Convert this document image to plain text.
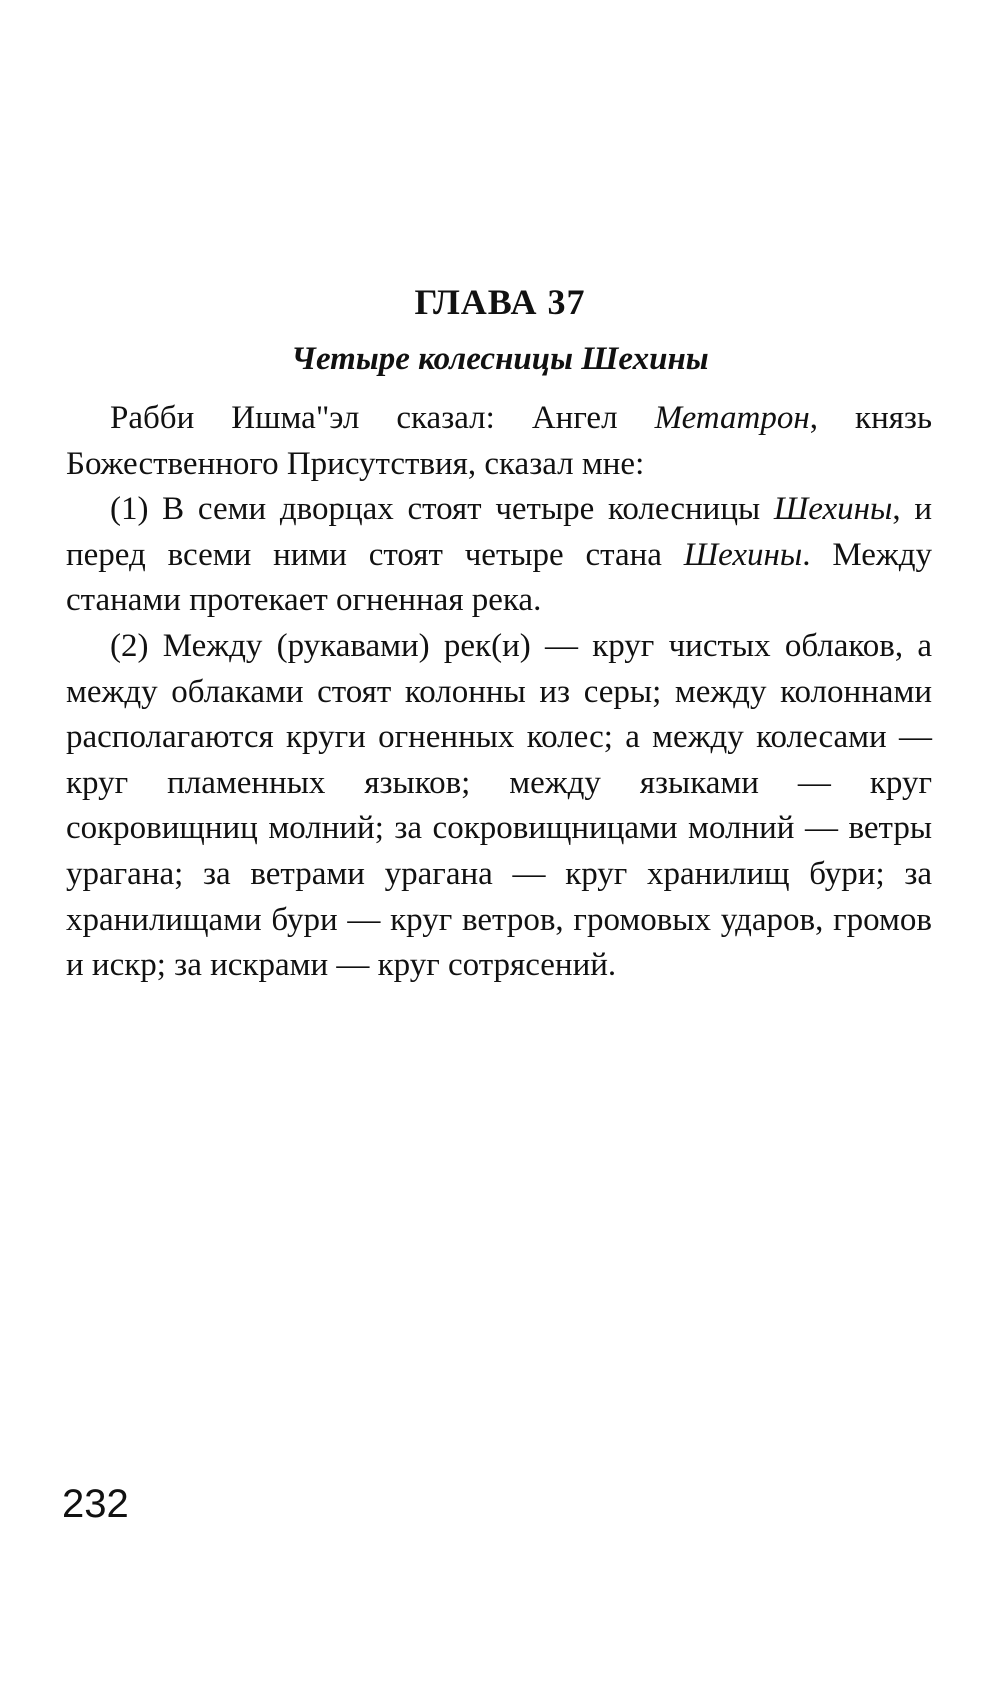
ГЛАВА 37
Четыре колесницы Шехины

Рабби Ишма"эл сказал: Ангел Метатрон, князь Божественного Присутствия, сказал мне:

(1) В семи дворцах стоят четыре колесницы Шехины, и перед всеми ними стоят четыре стана Шехины. Между станами протекает огненная река.

(2) Между (рукавами) рек(и) — круг чистых облаков, а между облаками стоят колонны из серы; между колоннами располагаются круги огненных колес; а между колесами — круг пламенных языков; между языками — круг сокровищниц молний; за сокровищницами молний — ветры урагана; за ветрами урагана — круг хранилищ бури; за хранилищами бури — круг ветров, громовых ударов, громов и искр; за искрами — круг сотрясений.

232
